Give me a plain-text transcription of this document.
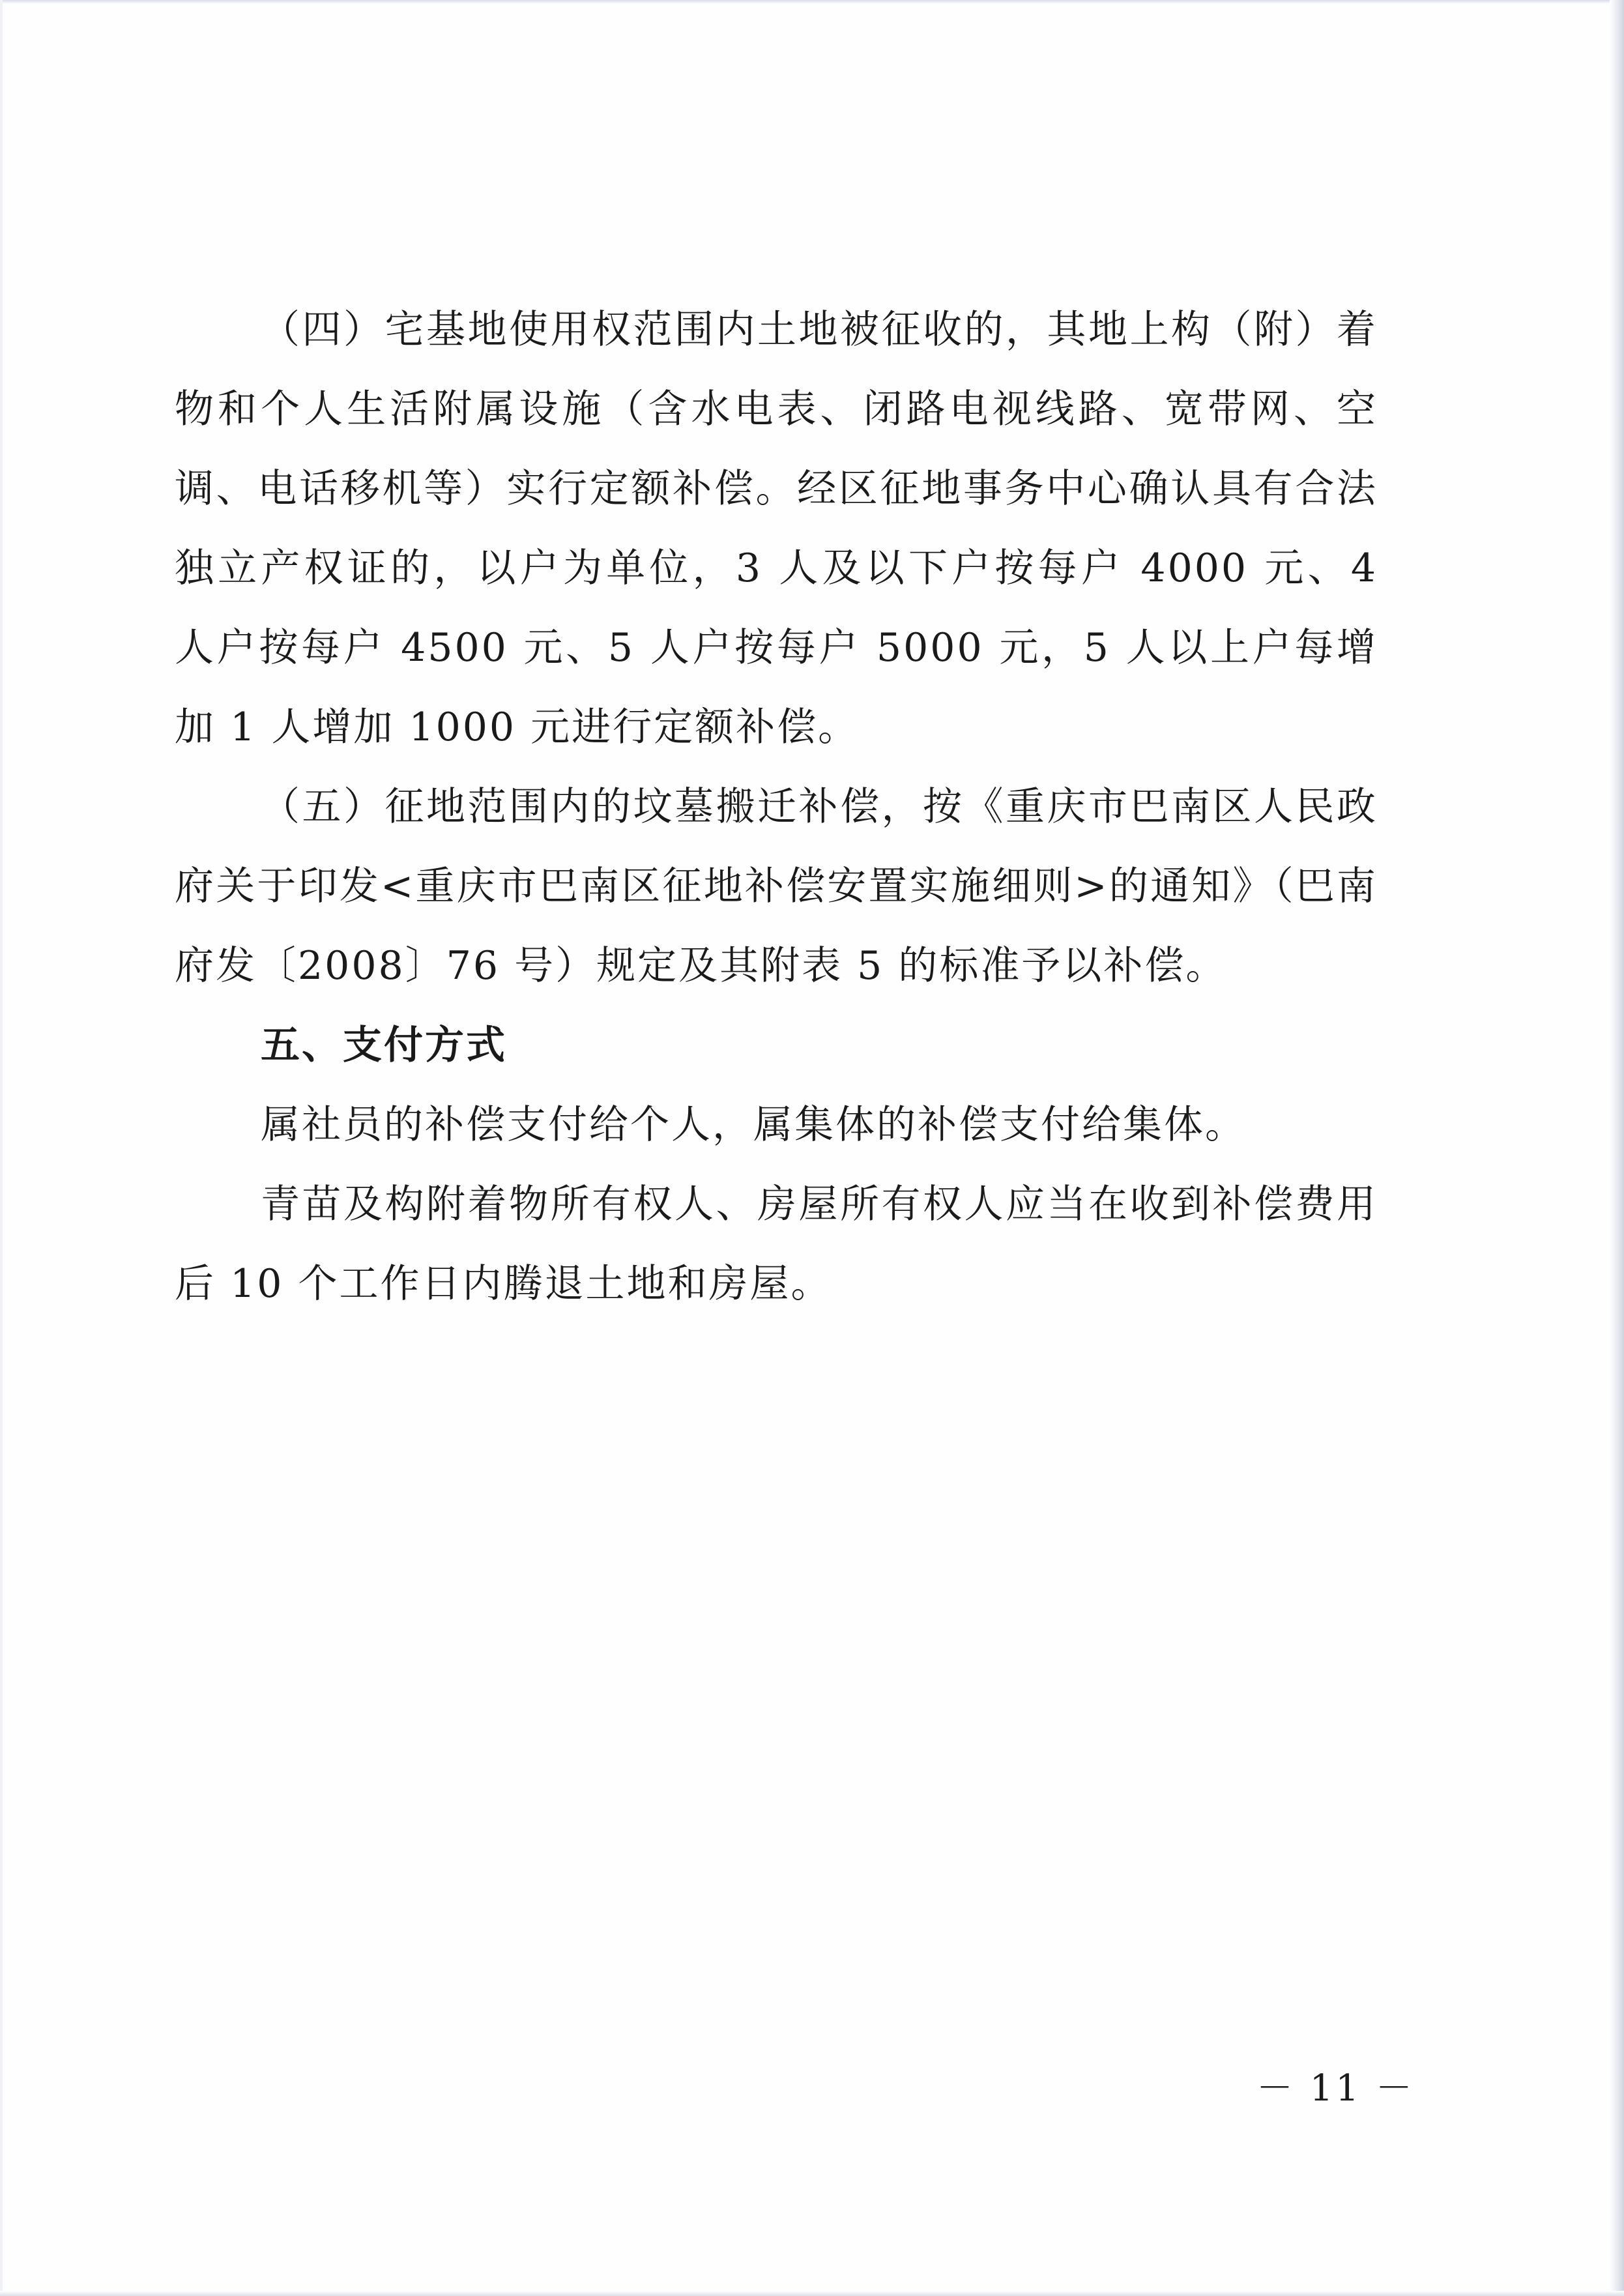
（四）宅基地使用权范围内土地被征收的，其地上构（附）着物和个人生活附属设施（含水电表、闭路电视线路、宽带网、空调、电话移机等）实行定额补偿。经区征地事务中心确认具有合法独立产权证的，以户为单位，3 人及以下户按每户 4000 元、4 人户按每户 4500 元、5 人户按每户 5000 元，5 人以上户每增加 1 人增加 1000 元进行定额补偿。

（五）征地范围内的坟墓搬迁补偿，按《重庆市巴南区人民政府关于印发<重庆市巴南区征地补偿安置实施细则>的通知》（巴南府发〔2008〕76 号）规定及其附表 5 的标准予以补偿。

五、支付方式

属社员的补偿支付给个人，属集体的补偿支付给集体。

青苗及构附着物所有权人、房屋所有权人应当在收到补偿费用后 10 个工作日内腾退土地和房屋。

－ 11 －
